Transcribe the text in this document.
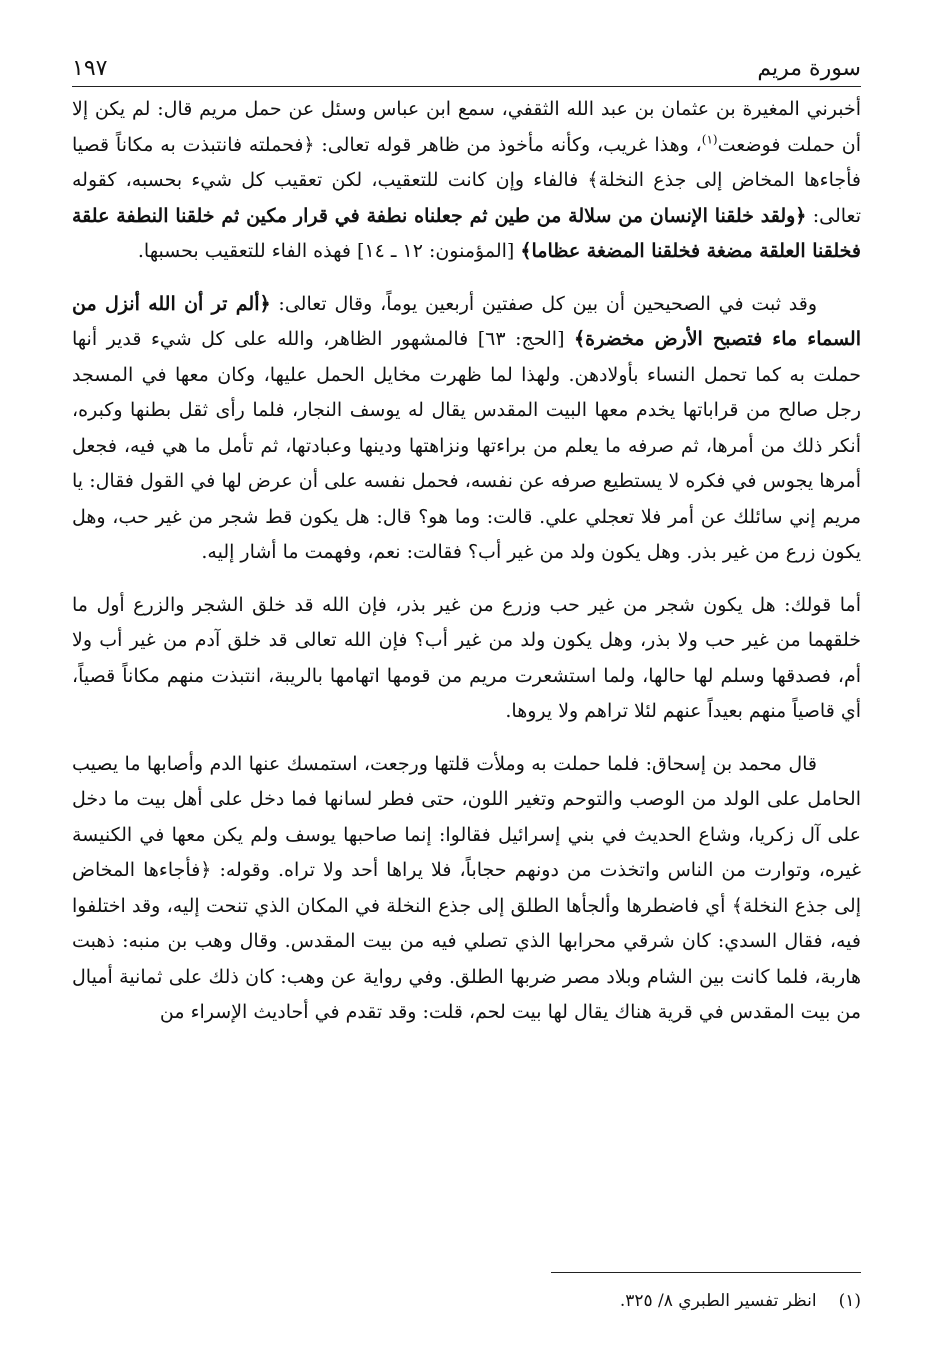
سورة مريم
١٩٧

أخبرني المغيرة بن عثمان بن عبد الله الثقفي، سمع ابن عباس وسئل عن حمل مريم قال: لم يكن إلا أن حملت فوضعت$^{(١)}$، وهذا غريب، وكأنه مأخوذ من ظاهر قوله تعالى: ﴿فحملته فانتبذت به مكاناً قصيا فأجاءها المخاض إلى جذع النخلة﴾ فالفاء وإن كانت للتعقيب، لكن تعقيب كل شيء بحسبه، كقوله تعالى: ﴿ولقد خلقنا الإنسان من سلالة من طين ثم جعلناه نطفة في قرار مكين ثم خلقنا النطفة علقة فخلقنا العلقة مضغة فخلقنا المضغة عظاما﴾ [المؤمنون: ١٢ ـ ١٤] فهذه الفاء للتعقيب بحسبها.

وقد ثبت في الصحيحين أن بين كل صفتين أربعين يوماً، وقال تعالى: ﴿ألم تر أن الله أنزل من السماء ماء فتصبح الأرض مخضرة﴾ [الحج: ٦٣] فالمشهور الظاهر، والله على كل شيء قدير أنها حملت به كما تحمل النساء بأولادهن. ولهذا لما ظهرت مخايل الحمل عليها، وكان معها في المسجد رجل صالح من قراباتها يخدم معها البيت المقدس يقال له يوسف النجار، فلما رأى ثقل بطنها وكبره، أنكر ذلك من أمرها، ثم صرفه ما يعلم من براءتها ونزاهتها ودينها وعبادتها، ثم تأمل ما هي فيه، فجعل أمرها يجوس في فكره لا يستطيع صرفه عن نفسه، فحمل نفسه على أن عرض لها في القول فقال: يا مريم إني سائلك عن أمر فلا تعجلي علي. قالت: وما هو؟ قال: هل يكون قط شجر من غير حب، وهل يكون زرع من غير بذر. وهل يكون ولد من غير أب؟ فقالت: نعم، وفهمت ما أشار إليه.

أما قولك: هل يكون شجر من غير حب وزرع من غير بذر، فإن الله قد خلق الشجر والزرع أول ما خلقهما من غير حب ولا بذر، وهل يكون ولد من غير أب؟ فإن الله تعالى قد خلق آدم من غير أب ولا أم، فصدقها وسلم لها حالها، ولما استشعرت مريم من قومها اتهامها بالريبة، انتبذت منهم مكاناً قصياً، أي قاصياً منهم بعيداً عنهم لئلا تراهم ولا يروها.

قال محمد بن إسحاق: فلما حملت به وملأت قلتها ورجعت، استمسك عنها الدم وأصابها ما يصيب الحامل على الولد من الوصب والتوحم وتغير اللون، حتى فطر لسانها فما دخل على أهل بيت ما دخل على آل زكريا، وشاع الحديث في بني إسرائيل فقالوا: إنما صاحبها يوسف ولم يكن معها في الكنيسة غيره، وتوارت من الناس واتخذت من دونهم حجاباً، فلا يراها أحد ولا تراه. وقوله: ﴿فأجاءها المخاض إلى جذع النخلة﴾ أي فاضطرها وألجأها الطلق إلى جذع النخلة في المكان الذي تنحت إليه، وقد اختلفوا فيه، فقال السدي: كان شرقي محرابها الذي تصلي فيه من بيت المقدس. وقال وهب بن منبه: ذهبت هاربة، فلما كانت بين الشام وبلاد مصر ضربها الطلق. وفي رواية عن وهب: كان ذلك على ثمانية أميال من بيت المقدس في قرية هناك يقال لها بيت لحم، قلت: وقد تقدم في أحاديث الإسراء من

(١)انظر تفسير الطبري ٨/ ٣٢٥.
